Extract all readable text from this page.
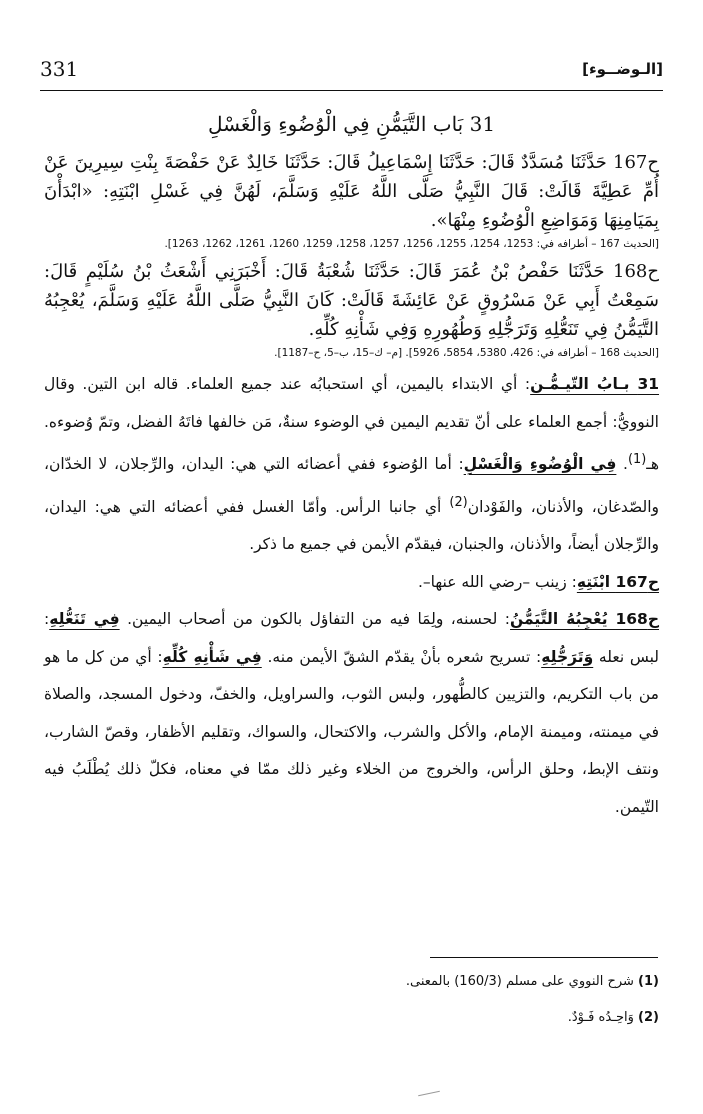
331	[الـوضــوء]
31 بَاب التَّيَمُّنِ فِي الْوُضُوءِ وَالْغَسْلِ

ح167 حَدَّثَنَا مُسَدَّدٌ قَالَ: حَدَّثَنَا إِسْمَاعِيلُ قَالَ: حَدَّثَنَا خَالِدٌ عَنْ حَفْصَةَ بِنْتِ سِيرِينَ عَنْ أُمِّ عَطِيَّةَ قَالَتْ: قَالَ النَّبِيُّ صَلَّى اللَّهُ عَلَيْهِ وَسَلَّمَ، لَهُنَّ فِي غَسْلِ ابْنَتِهِ: «ابْدَأْنَ بِمَيَامِنِهَا وَمَوَاضِعِ الْوُضُوءِ مِنْهَا».

[الحديث 167 – أطرافه في: 1253، 1254، 1255، 1256، 1257، 1258، 1259، 1260، 1261، 1262، 1263].

ح168 حَدَّثَنَا حَفْصُ بْنُ عُمَرَ قَالَ: حَدَّثَنَا شُعْبَةُ قَالَ: أَخْبَرَنِي أَشْعَثُ بْنُ سُلَيْمٍ قَالَ: سَمِعْتُ أَبِي عَنْ مَسْرُوقٍ عَنْ عَائِشَةَ قَالَتْ: كَانَ النَّبِيُّ صَلَّى اللَّهُ عَلَيْهِ وَسَلَّمَ، يُعْجِبُهُ التَّيَمُّنُ فِي تَنَعُّلِهِ وَتَرَجُّلِهِ وَطُهُورِهِ وَفِي شَأْنِهِ كُلِّهِ.

[الحديث 168 – أطرافه في: 426، 5380، 5854، 5926]. [م– ك–15، ب–5، ح–1187].

31 بـابُ التّيـمُّـن: أي الابتداء باليمين، أي استحبابُه عند جميع العلماء. قاله ابن التين. وقال النوويُّ: أجمع العلماء على أنّ تقديم اليمين في الوضوء سنةٌ، مَن خالفها فاتَهُ الفضل، وتمّ وُضوءه. هـ$^{(1)}$. فِي الْوُضُوءِ وَالْغَسْلِ: أما الوُضوء ففي أعضائه التي هي: اليدان، والرِّجلان، لا الخدّان، والصّدغان، والأذنان، والفَوْدان$^{(2)}$ أي جانبا الرأس. وأمّا الغسل ففي أعضائه التي هي: اليدان، والرِّجلان أيضاً، والأذنان، والجنبان، فيقدّم الأيمن في جميع ما ذكر.

ح167 ابْنَتِهِ: زينب –رضي الله عنها–.

ح168 يُعْجِبُهُ التَّيَمُّنُ: لحسنه، ولِمَا فيه من التفاؤل بالكون من أصحاب اليمين. فِي تَنَعُّلِهِ: لبس نعله وَتَرَجُّلِهِ: تسريح شعره بأنْ يقدّم الشقّ الأيمن منه. فِي شَأْنِهِ كُلِّهِ: أي من كل ما هو من باب التكريم، والتزيين كالطُّهور، ولبس الثوب، والسراويل، والخفّ، ودخول المسجد، والصلاة في ميمنته، وميمنة الإمام، والأكل والشرب، والاكتحال، والسواك، وتقليم الأظفار، وقصّ الشارب، ونتف الإبط، وحلق الرأس، والخروج من الخلاء وغير ذلك ممّا في معناه، فكلّ ذلك يُطْلَبُ فيه التّيمن.

(1) شرح النووي على مسلم (160/3) بالمعنى.

(2) وَاحِـدُه فَـوْدٌ.
